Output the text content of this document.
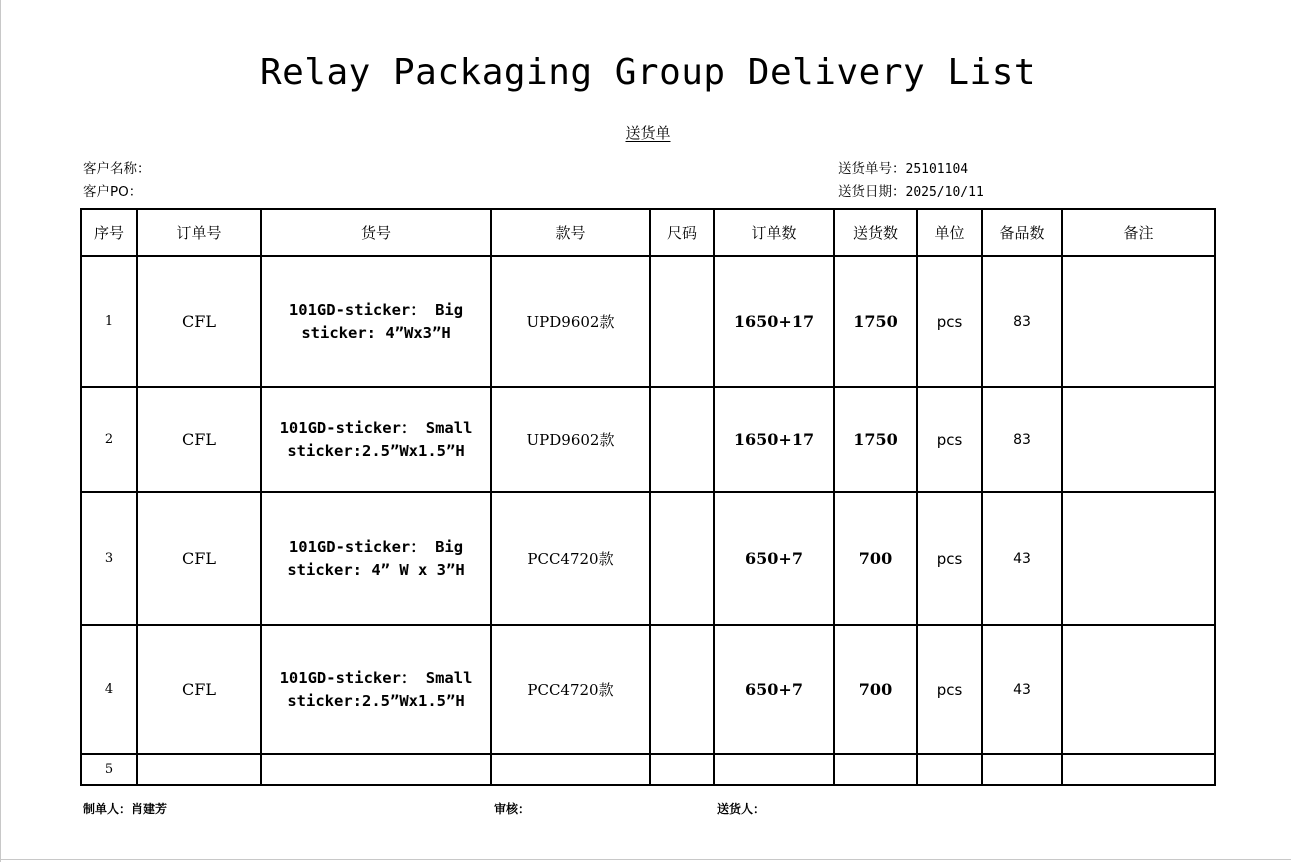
Relay Packaging Group Delivery List
送货单
客户名称：
客户PO：
送货单号：25101104
送货日期：2025/10/11
序号	订单号	货号	款号	尺码	订单数	送货数	单位	备品数	备注
1	CFL	101GD-sticker： Big
sticker: 4”Wx3”H	UPD9602款		1650+17	1750	pcs	83	
2	CFL	101GD-sticker： Small
sticker:2.5”Wx1.5”H	UPD9602款		1650+17	1750	pcs	83	
3	CFL	101GD-sticker： Big
sticker: 4” W x 3”H	PCC4720款		650+7	700	pcs	43	
4	CFL	101GD-sticker： Small
sticker:2.5”Wx1.5”H	PCC4720款		650+7	700	pcs	43	
5		

制单人：肖建芳	审核：	送货人：
